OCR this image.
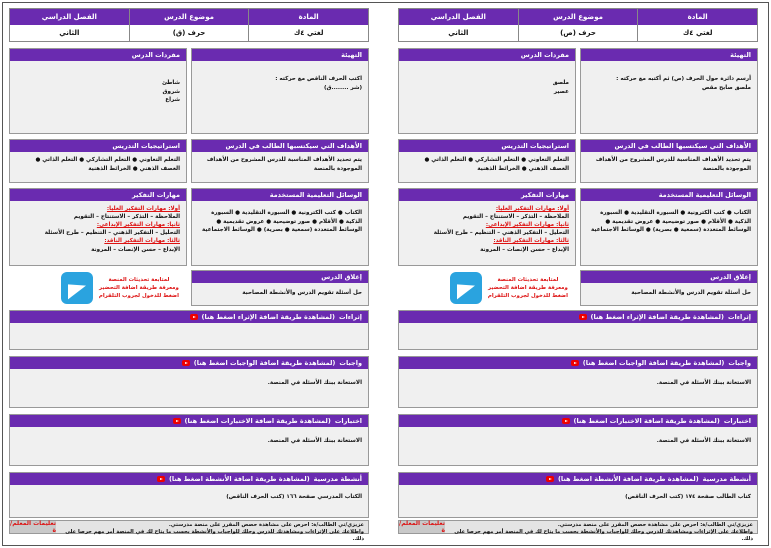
المادة
لغتي ٤ك
موضوع الدرس
حرف (ق)
الفصل الدراسي
الثاني
التهيئة
اكتب الحرف الناقص مع حركته :
(شر ........ق)
مفردات الدرس
شاطئ
شروق
شراع
الأهداف التي سيكتسبها الطالب في الدرس
يتم تحديد الأهداف المناسبة للدرس المشروح من الأهداف الموجودة بالمنصة
استراتيجيات التدريس
التعلم التعاوني ● التعلم التشاركي ● التعلم الذاتي ● العصف الذهني ● الخرائط الذهنية
الوسائل التعليمية المستخدمة
الكتاب ● كتب الكترونية ● السبورة التقليدية ● السبورة الذكية ● الأقلام ● صور توضيحية ● عروض تقديمية ● الوسائط المتعددة (سمعية ● بصرية) ● الوسائط الاجتماعية
مهارات التفكير
أولا: مهارات التفكير العليا:
الملاحظة – التذكر – الاستنتاج – التقويم
ثانيا: مهارات التفكير الإبداعي:
التحليل – التفكير الذهني – التنظيم – طرح الأسئلة
ثالثا: مهارات التفكير الناقد:
الإبداع – حسن الإنصات – المرونة
إغلاق الدرس
حل أسئلة تقويم الدرس والأنشطة المصاحبة
لمتابعة تحديثات المنصة
ومعرفة طريقة اضافة التحضير
اضغط للدخول لجروب التلقرام
إثراءات
(لمشاهدة طريقة اضافة الإثراء اضغط هنا)
واجبات
(لمشاهدة طريقة اضافة الواجبات اضغط هنا)
الاستعانة ببنك الأسئلة في المنصة.
اختبارات
(لمشاهدة طريقة اضافة الاختبارات اضغط هنا)
الاستعانة ببنك الأسئلة في المنصة.
أنشطة مدرسية
(لمشاهدة طريقة اضافة الأنشطة اضغط هنا)
الكتاب المدرسي صفحة ١٦٦ (كتب الحرف الناقص)
عزيزي/تي الطالب/ة: احرص على مشاهدة حصص المقرر على منصة مدرستي.
واطلاعك على الإثراءات ومشاهدتك للدرس وحلك للواجبات والأنشطة بحسب ما يتاح لك في المنصة أمر مهم حرصا على ذلك.
تعليمات المعلم/ة
المادة
لغتي ٤ك
موضوع الدرس
حرف (ص)
الفصل الدراسي
الثاني
التهيئة
أرسم دائرة حول الحرف (ص) ثم أكتبه مع حركته :
ملصق صابح مقص
مفردات الدرس
ملصق
عصير
الأهداف التي سيكتسبها الطالب في الدرس
يتم تحديد الأهداف المناسبة للدرس المشروح من الأهداف الموجودة بالمنصة
استراتيجيات التدريس
التعلم التعاوني ● التعلم التشاركي ● التعلم الذاتي ● العصف الذهني ● الخرائط الذهنية
الوسائل التعليمية المستخدمة
الكتاب ● كتب الكترونية ● السبورة التقليدية ● السبورة الذكية ● الأقلام ● صور توضيحية ● عروض تقديمية ● الوسائط المتعددة (سمعية ● بصرية) ● الوسائط الاجتماعية
مهارات التفكير
أولا: مهارات التفكير العليا:
الملاحظة – التذكر – الاستنتاج – التقويم
ثانيا: مهارات التفكير الإبداعي:
التحليل – التفكير الذهني – التنظيم – طرح الأسئلة
ثالثا: مهارات التفكير الناقد:
الإبداع – حسن الإنصات – المرونة
إغلاق الدرس
حل أسئلة تقويم الدرس والأنشطة المصاحبة
لمتابعة تحديثات المنصة
ومعرفة طريقة اضافة التحضير
اضغط للدخول لجروب التلقرام
إثراءات
(لمشاهدة طريقة اضافة الإثراء اضغط هنا)
واجبات
(لمشاهدة طريقة اضافة الواجبات اضغط هنا)
الاستعانة ببنك الأسئلة في المنصة.
اختبارات
(لمشاهدة طريقة اضافة الاختبارات اضغط هنا)
الاستعانة ببنك الأسئلة في المنصة.
أنشطة مدرسية
(لمشاهدة طريقة اضافة الأنشطة اضغط هنا)
كتاب الطالب صفحة ١٧٤ (كتب الحرف الناقص)
عزيزي/تي الطالب/ة: احرص على مشاهدة حصص المقرر على منصة مدرستي.
واطلاعك على الإثراءات ومشاهدتك للدرس وحلك للواجبات والأنشطة بحسب ما يتاح لك في المنصة أمر مهم حرصا على ذلك.
تعليمات المعلم/ة
